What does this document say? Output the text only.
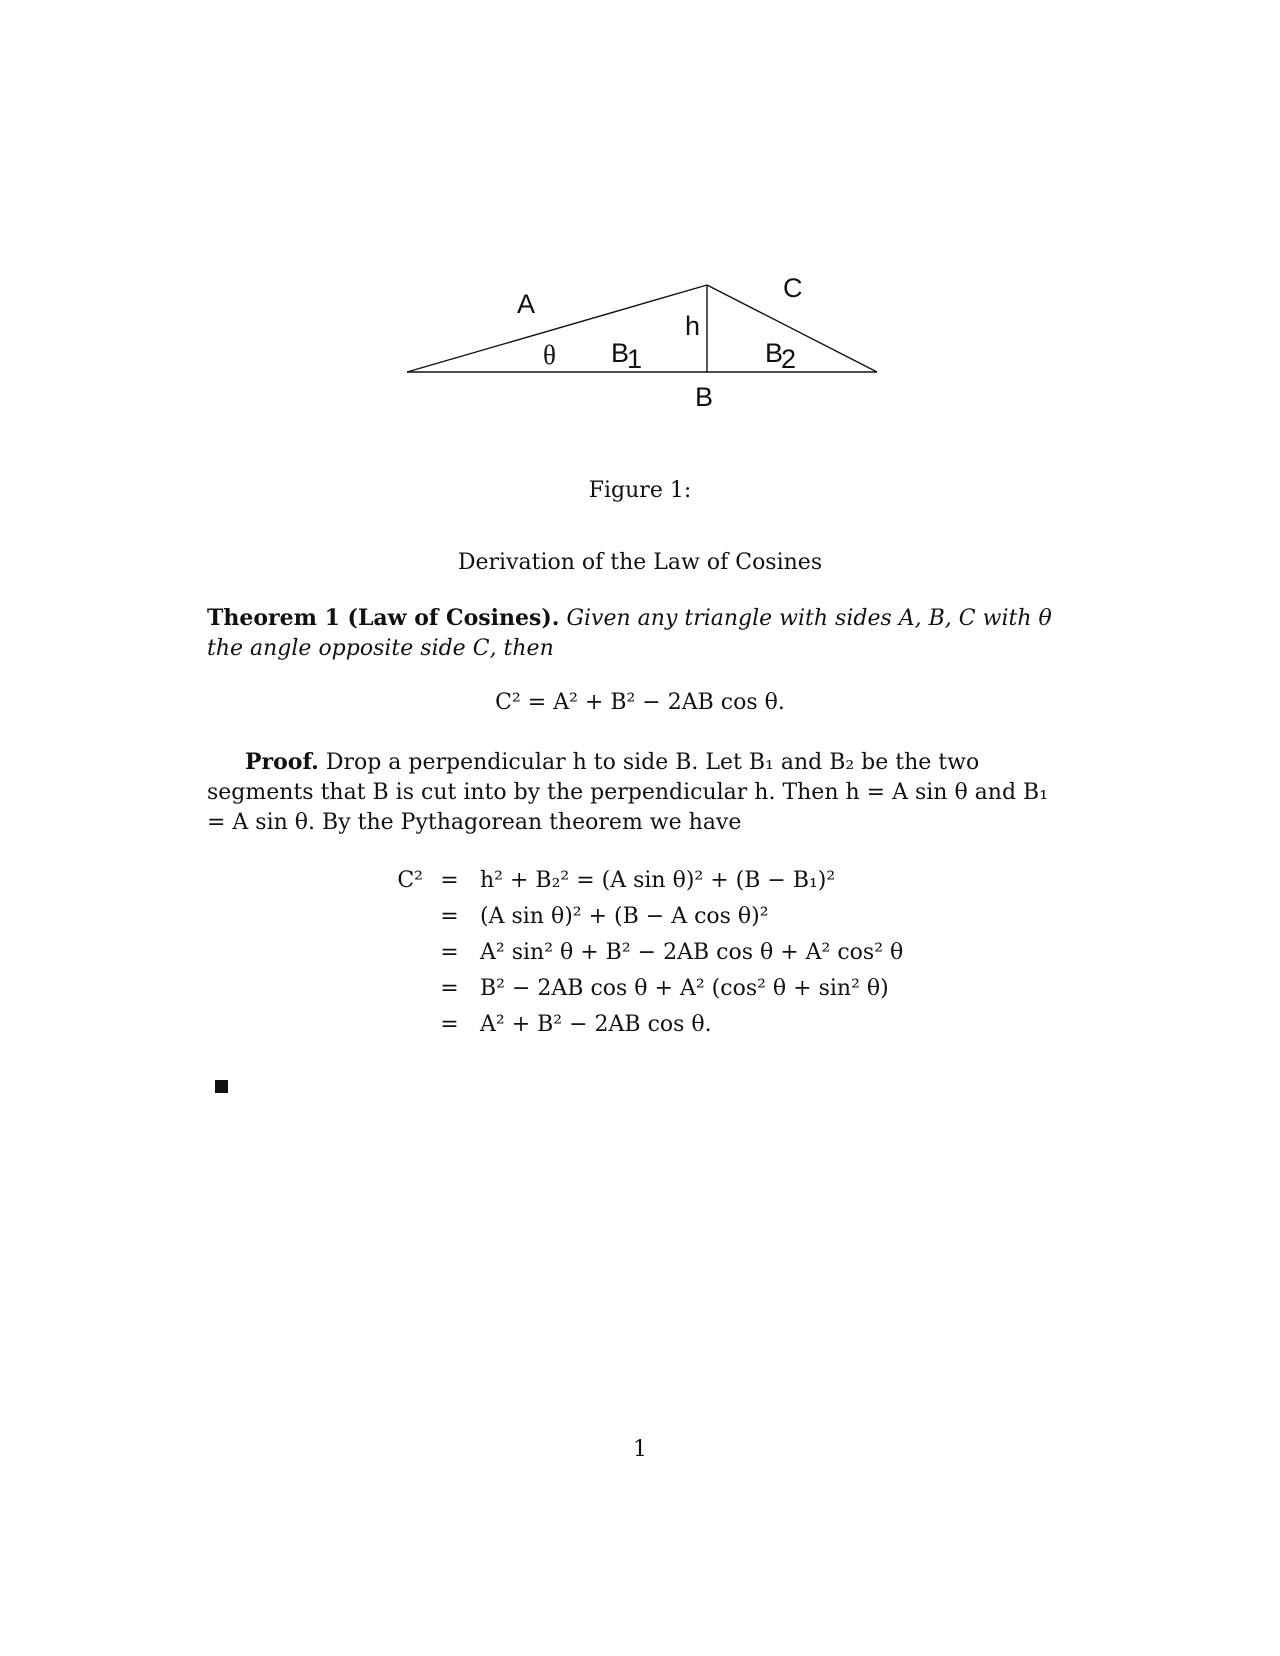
A
C
h
θ B1	B2
B
Figure 1:
Derivation of the Law of Cosines
Theorem 1 (Law of Cosines). Given any triangle with sides A, B, C with θ the angle opposite side C, then
C² = A² + B² − 2AB cos θ.
Proof. Drop a perpendicular h to side B. Let B₁ and B₂ be the two segments that B is cut into by the perpendicular h. Then h = A sin θ and B₁ = A sin θ. By the Pythagorean theorem we have
C²	=	h² + B₂² = (A sin θ)² + (B − B₁)²
	=	(A sin θ)² + (B − A cos θ)²
	=	A² sin² θ + B² − 2AB cos θ + A² cos² θ
	=	B² − 2AB cos θ + A² (cos² θ + sin² θ)
	=	A² + B² − 2AB cos θ.
1
